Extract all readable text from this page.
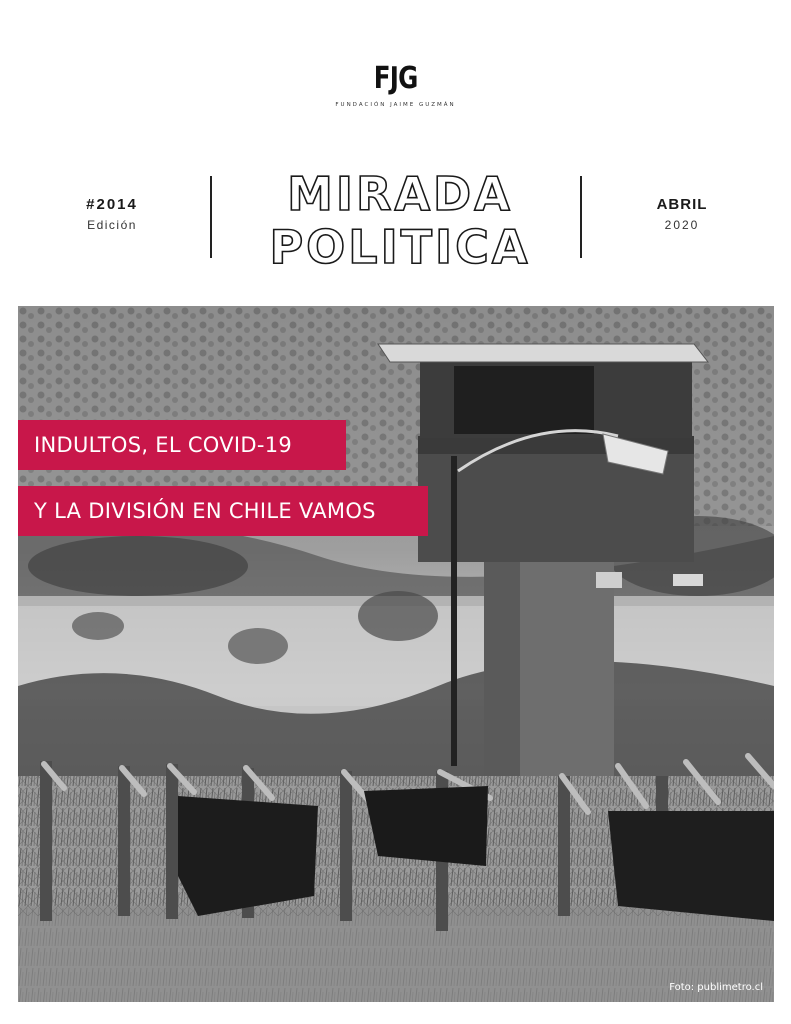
FJG
FUNDACIÓN JAIME GUZMÁN
#2014
Edición
MIRADA
POLITICA
ABRIL
2020
INDULTOS, EL COVID-19
Y LA DIVISIÓN EN CHILE VAMOS
Foto: publimetro.cl
